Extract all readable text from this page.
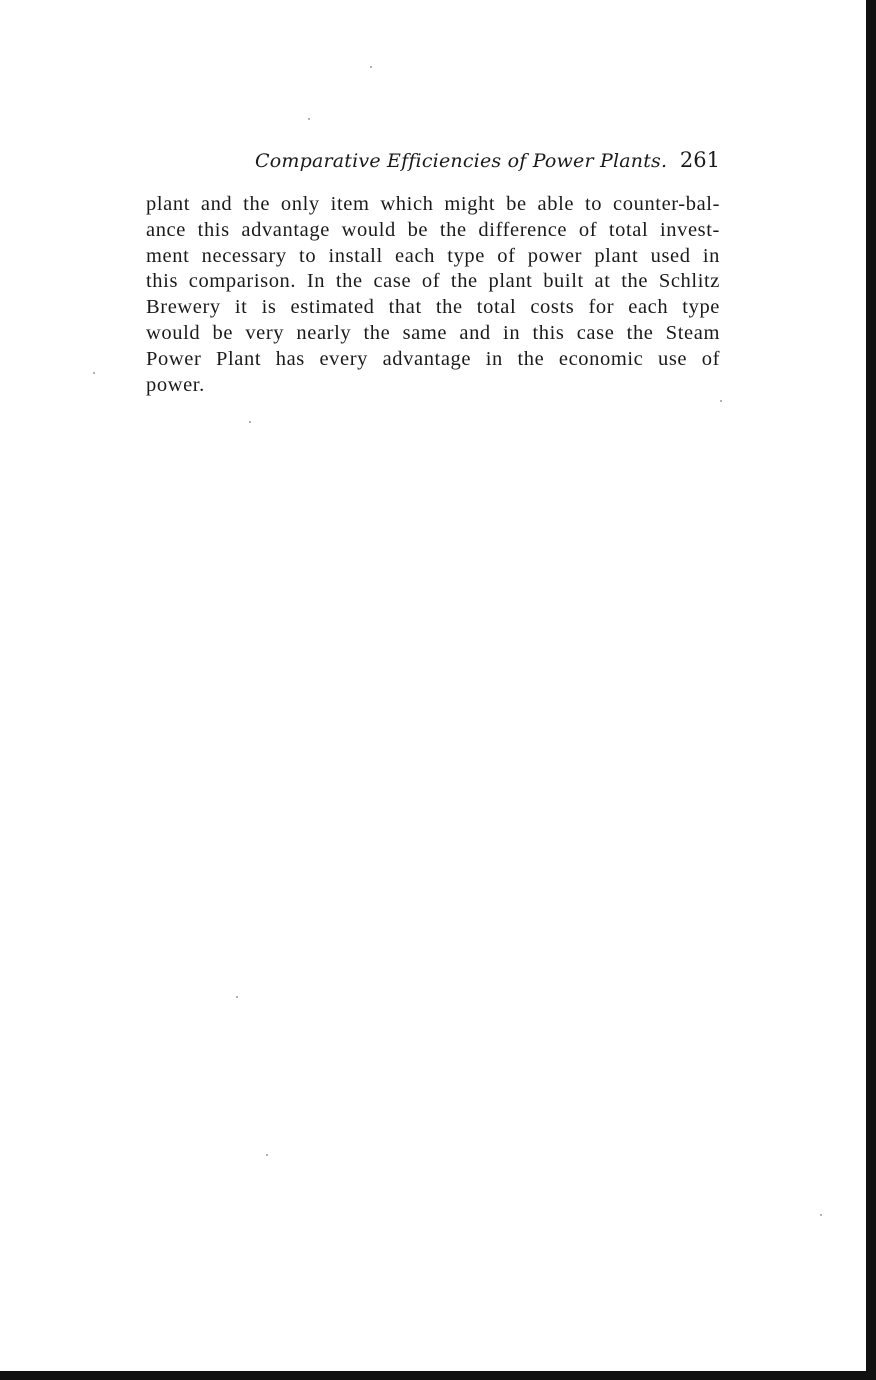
Comparative Efficiencies of Power Plants. 261
plant and the only item which might be able to counter-bal-
ance this advantage would be the difference of total invest-
ment necessary to install each type of power plant used in
this comparison. In the case of the plant built at the Schlitz
Brewery it is estimated that the total costs for each type
would be very nearly the same and in this case the Steam
Power Plant has every advantage in the economic use of
power.
